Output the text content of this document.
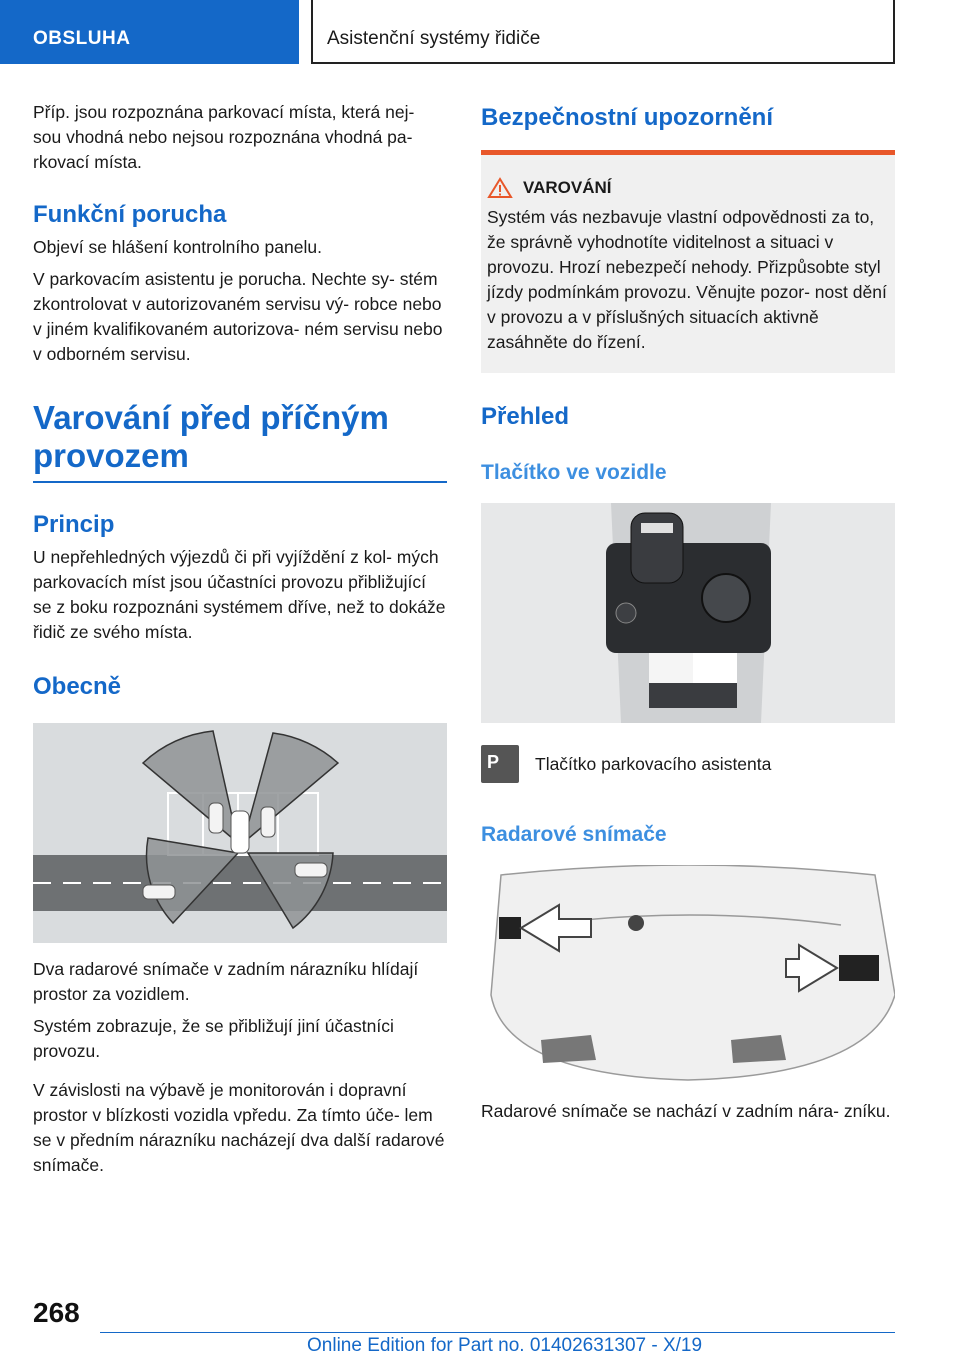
OBSLUHA	Asistenční systémy řidiče

Příp. jsou rozpoznána parkovací místa, která nej- sou vhodná nebo nejsou rozpoznána vhodná pa- rkovací místa.

Funkční porucha

Objeví se hlášení kontrolního panelu.

V parkovacím asistentu je porucha. Nechte sy- stém zkontrolovat v autorizovaném servisu vý- robce nebo v jiném kvalifikovaném autorizova- ném servisu nebo v odborném servisu.

Varování před příčným provozem
Princip

U nepřehledných výjezdů či při vyjíždění z kol- mých parkovacích míst jsou účastníci provozu přibližující se z boku rozpoznáni systémem dříve, než to dokáže řidič ze svého místa.

Obecně

Dva radarové snímače v zadním nárazníku hlídají prostor za vozidlem.

Systém zobrazuje, že se přibližují jiní účastníci provozu.

V závislosti na výbavě je monitorován i dopravní prostor v blízkosti vozidla vpředu. Za tímto úče- lem se v předním nárazníku nacházejí dva další radarové snímače.

Bezpečnostní upozornění
VAROVÁNÍ

Systém vás nezbavuje vlastní odpovědnosti za to, že správně vyhodnotíte viditelnost a situaci v provozu. Hrozí nebezpečí nehody. Přizpůsobte styl jízdy podmínkám provozu. Věnujte pozor- nost dění v provozu a v příslušných situacích aktivně zasáhněte do řízení.

Přehled
Tlačítko ve vozidle
P Tlačítko parkovacího asistenta
Radarové snímače

Radarové snímače se nachází v zadním nára- zníku.

268
Online Edition for Part no. 01402631307 - X/19
